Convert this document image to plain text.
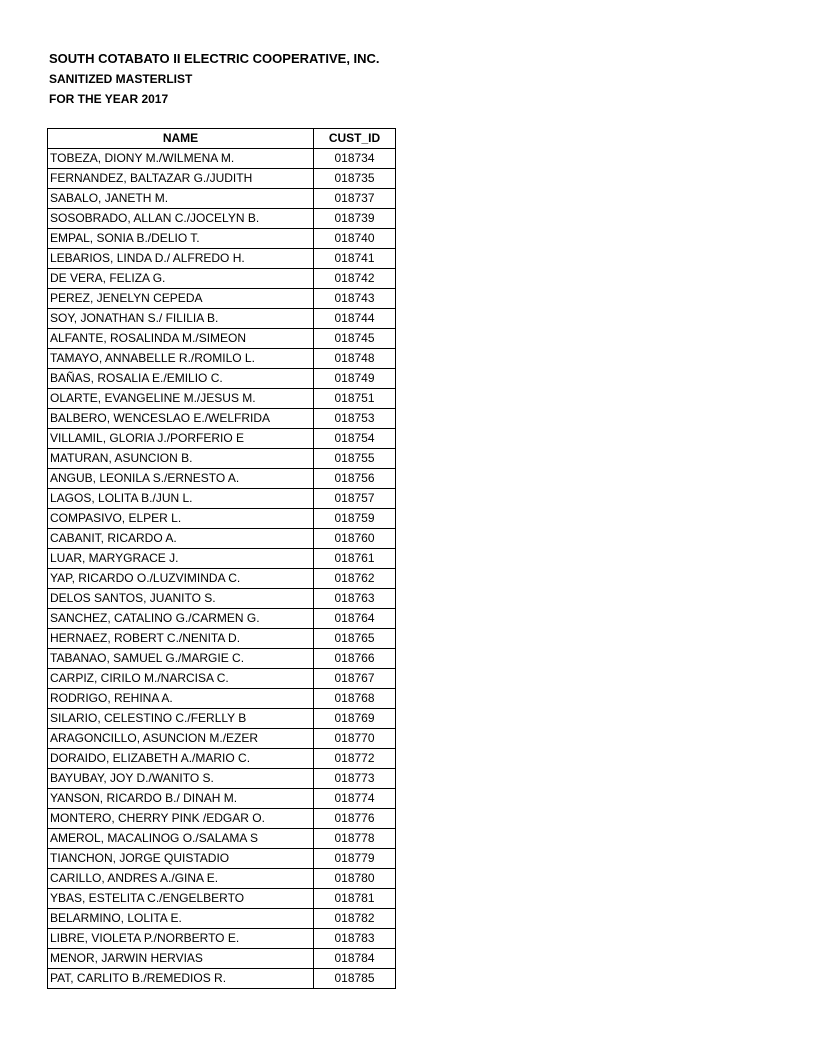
SOUTH COTABATO II ELECTRIC COOPERATIVE, INC.
SANITIZED MASTERLIST
FOR THE YEAR 2017
NAME	CUST_ID
TOBEZA, DIONY M./WILMENA M.	018734
FERNANDEZ, BALTAZAR G./JUDITH	018735
SABALO, JANETH M.	018737
SOSOBRADO, ALLAN C./JOCELYN B.	018739
EMPAL, SONIA B./DELIO T.	018740
LEBARIOS, LINDA D./ ALFREDO H.	018741
DE VERA, FELIZA G.	018742
PEREZ, JENELYN CEPEDA	018743
SOY, JONATHAN S./ FILILIA B.	018744
ALFANTE, ROSALINDA M./SIMEON	018745
TAMAYO, ANNABELLE R./ROMILO L.	018748
BAÑAS, ROSALIA E./EMILIO C.	018749
OLARTE, EVANGELINE M./JESUS M.	018751
BALBERO, WENCESLAO E./WELFRIDA	018753
VILLAMIL, GLORIA J./PORFERIO E	018754
MATURAN, ASUNCION B.	018755
ANGUB, LEONILA S./ERNESTO A.	018756
LAGOS, LOLITA B./JUN L.	018757
COMPASIVO, ELPER L.	018759
CABANIT, RICARDO A.	018760
LUAR, MARYGRACE J.	018761
YAP, RICARDO O./LUZVIMINDA C.	018762
DELOS SANTOS, JUANITO S.	018763
SANCHEZ, CATALINO G./CARMEN G.	018764
HERNAEZ, ROBERT C./NENITA D.	018765
TABANAO, SAMUEL G./MARGIE C.	018766
CARPIZ, CIRILO M./NARCISA C.	018767
RODRIGO, REHINA A.	018768
SILARIO, CELESTINO C./FERLLY B	018769
ARAGONCILLO, ASUNCION M./EZER	018770
DORAIDO, ELIZABETH A./MARIO C.	018772
BAYUBAY, JOY D./WANITO S.	018773
YANSON, RICARDO B./ DINAH M.	018774
MONTERO, CHERRY PINK /EDGAR O.	018776
AMEROL, MACALINOG O./SALAMA S	018778
TIANCHON, JORGE QUISTADIO	018779
CARILLO, ANDRES A./GINA E.	018780
YBAS, ESTELITA C./ENGELBERTO	018781
BELARMINO, LOLITA E.	018782
LIBRE, VIOLETA P./NORBERTO E.	018783
MENOR, JARWIN HERVIAS	018784
PAT, CARLITO B./REMEDIOS R.	018785
